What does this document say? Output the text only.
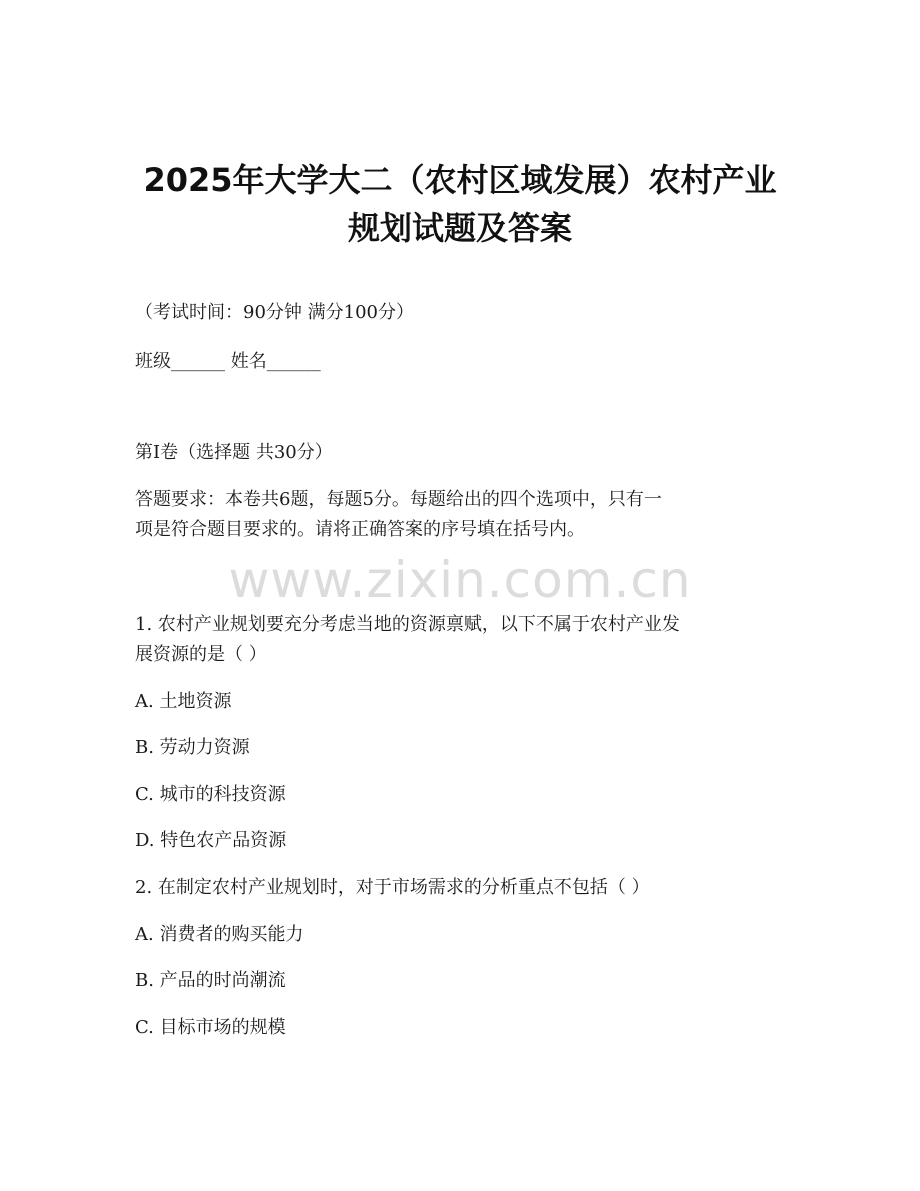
2025年大学大二（农村区域发展）农村产业
规划试题及答案
（考试时间：90分钟 满分100分）
班级______ 姓名______
第I卷（选择题 共30分）
答题要求：本卷共6题，每题5分。每题给出的四个选项中，只有一
项是符合题目要求的。请将正确答案的序号填在括号内。
www.zixin.com.cn
1. 农村产业规划要充分考虑当地的资源禀赋，以下不属于农村产业发
展资源的是（ ）
A. 土地资源
B. 劳动力资源
C. 城市的科技资源
D. 特色农产品资源
2. 在制定农村产业规划时，对于市场需求的分析重点不包括（ ）
A. 消费者的购买能力
B. 产品的时尚潮流
C. 目标市场的规模
